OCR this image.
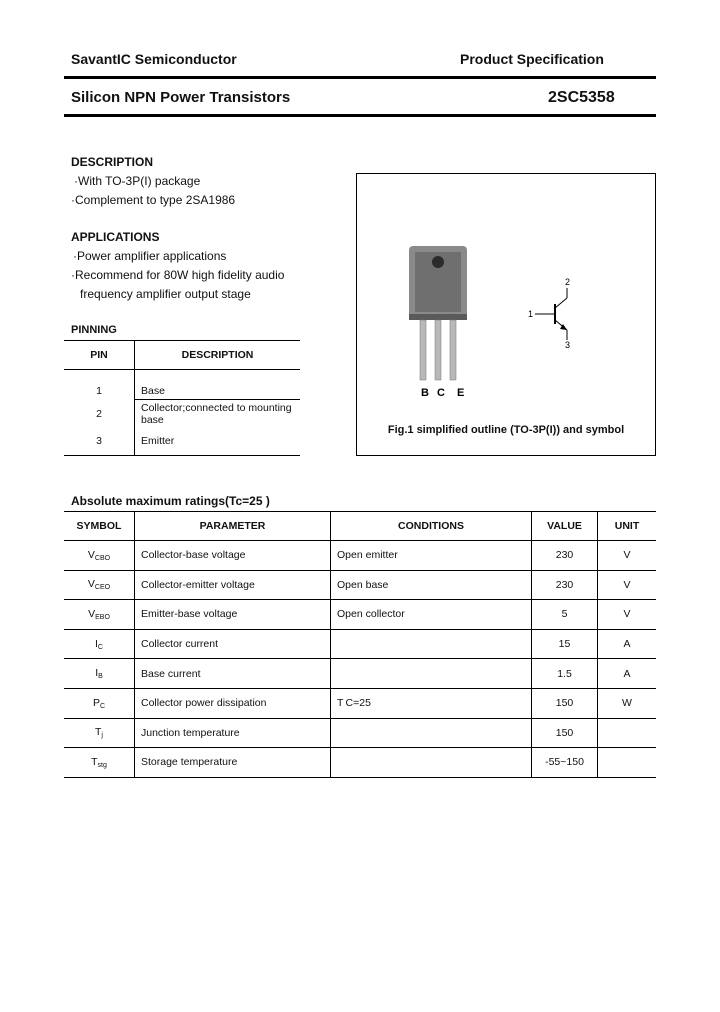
SavantIC Semiconductor	Product Specification
Silicon NPN Power Transistors	2SC5358
DESCRIPTION
·With TO-3P(I) package
·Complement to type 2SA1986
APPLICATIONS
·Power amplifier applications
·Recommend for 80W high fidelity audio
frequency amplifier output stage
PINNING
PIN	DESCRIPTION
1	Base
2	Collector;connected to mounting base
3	Emitter
B C E
1
2
3
Fig.1 simplified outline (TO-3P(I)) and symbol
Absolute maximum ratings(Tc=25 )
SYMBOL	PARAMETER	CONDITIONS	VALUE	UNIT
$V_{CBO}$	Collector-base voltage	Open emitter	230	V
$V_{CEO}$	Collector-emitter voltage	Open base	230	V
$V_{EBO}$	Emitter-base voltage	Open collector	5	V
$I_C$	Collector current		15	A
$I_B$	Base current		1.5	A
$P_C$	Collector power dissipation	T C=25	150	W
$T_j$	Junction temperature		150	
$T_{stg}$	Storage temperature		-55~150	
